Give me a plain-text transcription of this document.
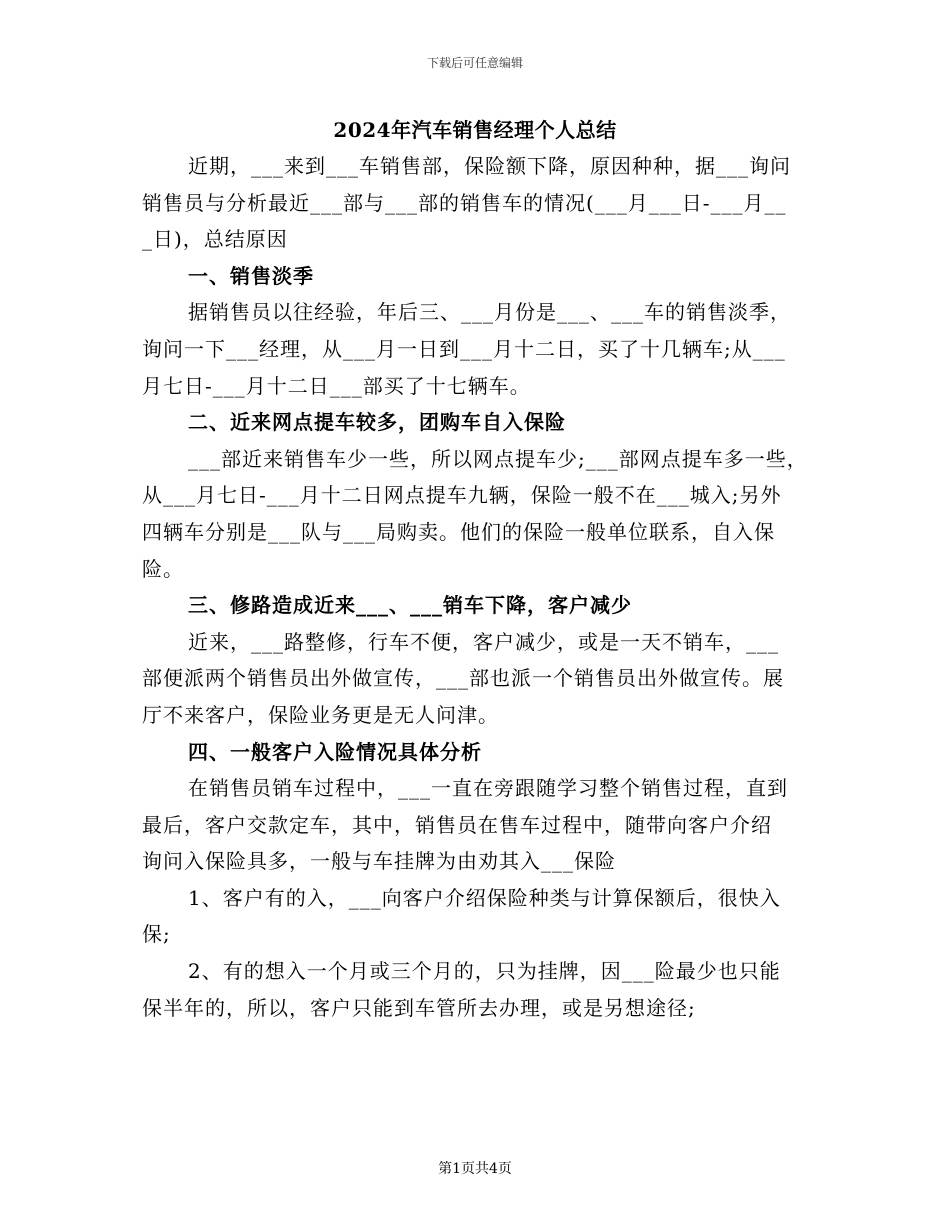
下载后可任意编辑
2024年汽车销售经理个人总结
近期，___来到___车销售部，保险额下降，原因种种，据___询问
销售员与分析最近___部与___部的销售车的情况(___月___日-___月__
_日)，总结原因
一、销售淡季
据销售员以往经验，年后三、___月份是___、___车的销售淡季，
询问一下___经理，从___月一日到___月十二日，买了十几辆车;从___
月七日-___月十二日___部买了十七辆车。
二、近来网点提车较多，团购车自入保险
___部近来销售车少一些，所以网点提车少;___部网点提车多一些，
从___月七日-___月十二日网点提车九辆，保险一般不在___城入;另外
四辆车分别是___队与___局购卖。他们的保险一般单位联系，自入保
险。
三、修路造成近来___、___销车下降，客户减少
近来，___路整修，行车不便，客户减少，或是一天不销车，___
部便派两个销售员出外做宣传，___部也派一个销售员出外做宣传。展
厅不来客户，保险业务更是无人问津。
四、一般客户入险情况具体分析
在销售员销车过程中，___一直在旁跟随学习整个销售过程，直到
最后，客户交款定车，其中，销售员在售车过程中，随带向客户介绍
询问入保险具多，一般与车挂牌为由劝其入___保险
1、客户有的入，___向客户介绍保险种类与计算保额后，很快入
保;
2、有的想入一个月或三个月的，只为挂牌，因___险最少也只能
保半年的，所以，客户只能到车管所去办理，或是另想途径;
第1页共4页
